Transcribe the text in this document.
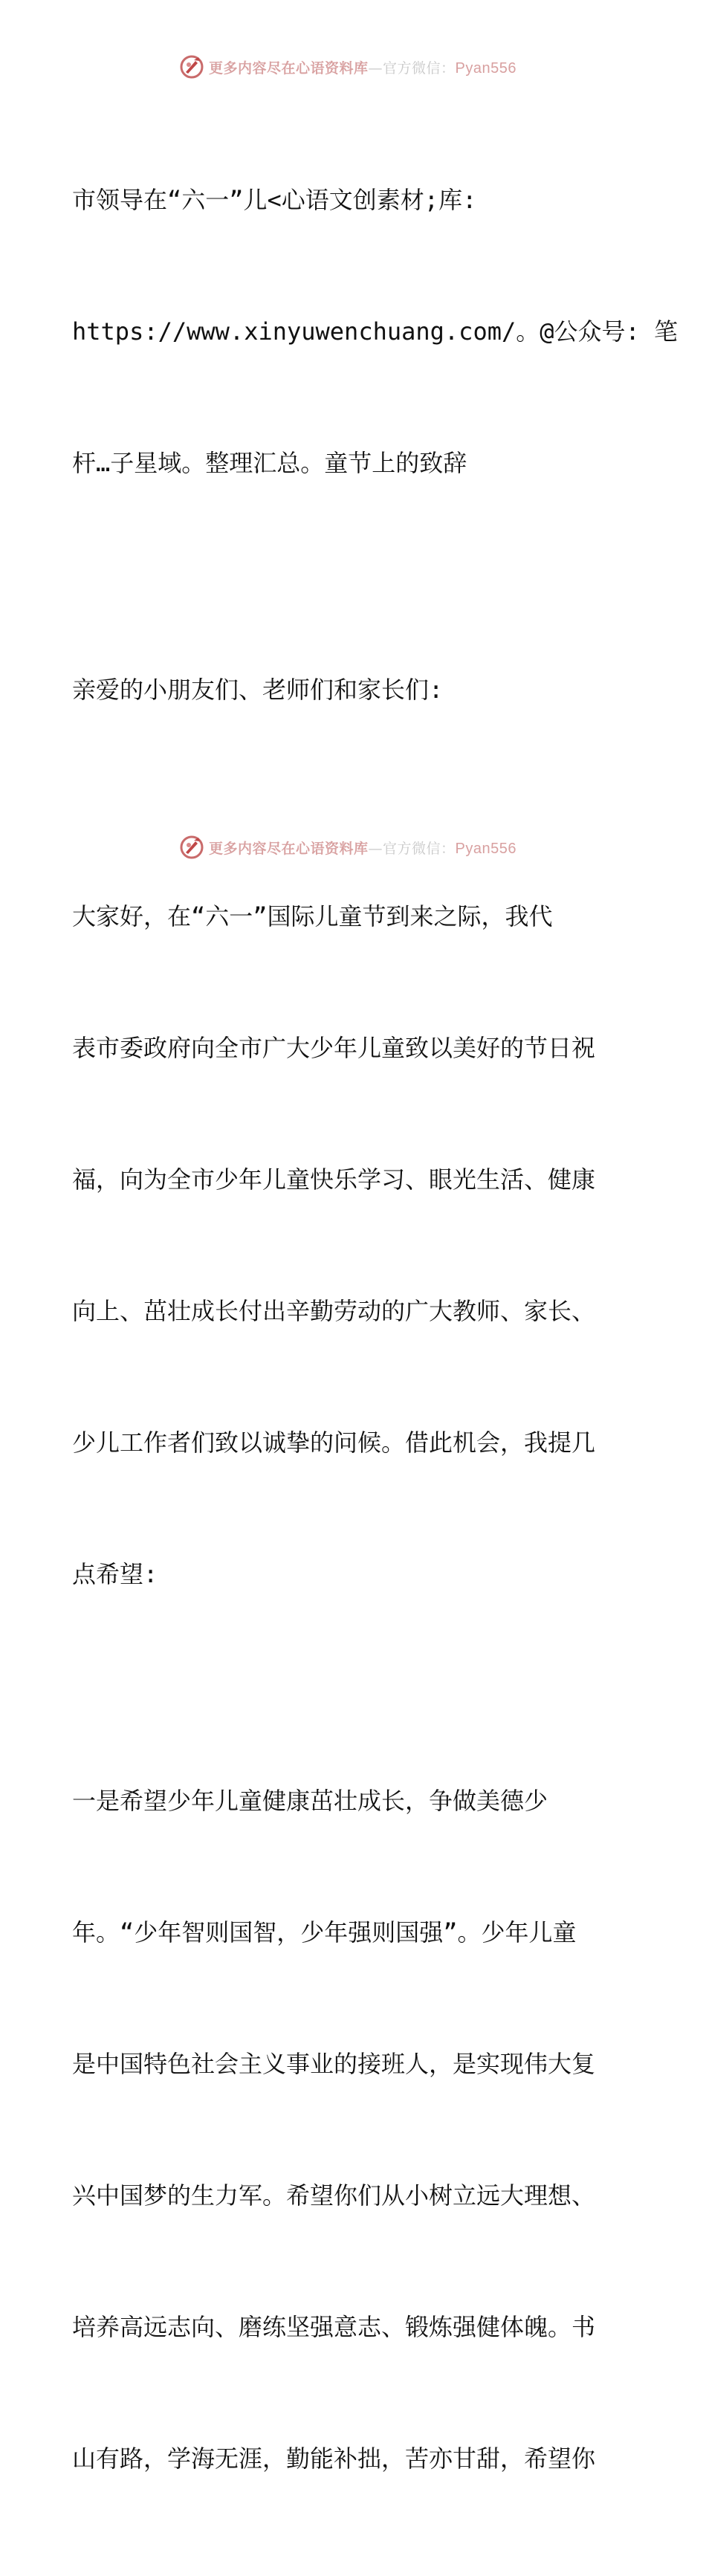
更多内容尽在心语资料库—官方微信：Pyan556

市领导在“六一”儿<心语文创素材;库:

https://www.xinyuwenchuang.com/。@公众号: 笔

杆…子星域。整理汇总。童节上的致辞

亲爱的小朋友们、老师们和家长们:

大家好，在“六一”国际儿童节到来之际，我代

表市委政府向全市广大少年儿童致以美好的节日祝

福，向为全市少年儿童快乐学习、眼光生活、健康

向上、茁壮成长付出辛勤劳动的广大教师、家长、

少儿工作者们致以诚挚的问候。借此机会，我提几

点希望:

一是希望少年儿童健康茁壮成长，争做美德少

年。“少年智则国智，少年强则国强”。少年儿童

是中国特色社会主义事业的接班人，是实现伟大复

兴中国梦的生力军。希望你们从小树立远大理想、

培养高远志向、磨练坚强意志、锻炼强健体魄。书

山有路，学海无涯，勤能补拙，苦亦甘甜，希望你

更多内容尽在心语资料库—官方微信：Pyan556
